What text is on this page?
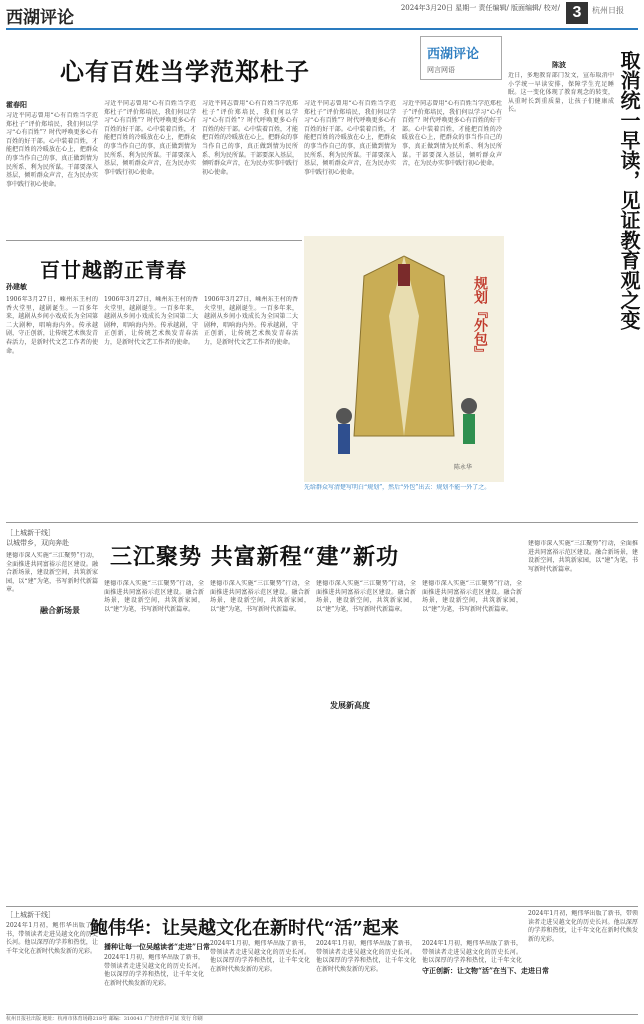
西湖评论	2024年3月20日 星期一 责任编辑/ 版面编辑/ 校对/ 3	杭州日报
心有百姓当学范郑杜子
霍春阳
习近平同志曾用“心有百姓当学范郑杜子”评价郑培民，我们何以学习“心有百姓”？时代呼唤更多心有百姓的好干部。心中装着百姓，才能把百姓的冷暖放在心上，把群众的事当作自己的事，真正做到情为民所系、利为民所谋。干部要深入基层，倾听群众声音，在为民办实事中践行初心使命。
习近平同志曾用“心有百姓当学范郑杜子”评价郑培民，我们何以学习“心有百姓”？时代呼唤更多心有百姓的好干部。心中装着百姓，才能把百姓的冷暖放在心上，把群众的事当作自己的事，真正做到情为民所系、利为民所谋。干部要深入基层，倾听群众声音，在为民办实事中践行初心使命。
习近平同志曾用“心有百姓当学范郑杜子”评价郑培民，我们何以学习“心有百姓”？时代呼唤更多心有百姓的好干部。心中装着百姓，才能把百姓的冷暖放在心上，把群众的事当作自己的事，真正做到情为民所系、利为民所谋。干部要深入基层，倾听群众声音，在为民办实事中践行初心使命。
习近平同志曾用“心有百姓当学范郑杜子”评价郑培民，我们何以学习“心有百姓”？时代呼唤更多心有百姓的好干部。心中装着百姓，才能把百姓的冷暖放在心上，把群众的事当作自己的事，真正做到情为民所系、利为民所谋。干部要深入基层，倾听群众声音，在为民办实事中践行初心使命。
习近平同志曾用“心有百姓当学范郑杜子”评价郑培民，我们何以学习“心有百姓”？时代呼唤更多心有百姓的好干部。心中装着百姓，才能把百姓的冷暖放在心上，把群众的事当作自己的事，真正做到情为民所系、利为民所谋。干部要深入基层，倾听群众声音，在为民办实事中践行初心使命。
西湖评论
网言网语	取消统一早读，见证教育观之变
陈波
近日，多地教育部门发文，宣布取消中小学统一早读安排，保障学生充足睡眠。这一变化体现了教育观念的转变，从重时长到重质量，让孩子们健康成长。
百廿越韵正青春
孙建敏
1906年3月27日，嵊州东王村的香火堂里，越剧诞生。一百多年来，越剧从乡间小戏成长为全国第二大剧种，唱响海内外。传承越剧，守正创新，让传统艺术焕发青春活力，是新时代文艺工作者的使命。
1906年3月27日，嵊州东王村的香火堂里，越剧诞生。一百多年来，越剧从乡间小戏成长为全国第二大剧种，唱响海内外。传承越剧，守正创新，让传统艺术焕发青春活力，是新时代文艺工作者的使命。
1906年3月27日，嵊州东王村的香火堂里，越剧诞生。一百多年来，越剧从乡间小戏成长为全国第二大剧种，唱响海内外。传承越剧，守正创新，让传统艺术焕发青春活力，是新时代文艺工作者的使命。	规划『外包』
陈永华
先给群众写清楚写明白“规划”，然后“外包”出去：规划不能一外了之。
［上城新干线］
以城带乡，双向奔赴
三江聚势 共富新程“建”新功
融合新场景
建德市深入实施“三江聚势”行动，全面推进共同富裕示范区建设。融合新场景，建设新空间，共筑新家园，以“建”为笔，书写新时代新篇章。
建德市深入实施“三江聚势”行动，全面推进共同富裕示范区建设。融合新场景，建设新空间，共筑新家园，以“建”为笔，书写新时代新篇章。
建德市深入实施“三江聚势”行动，全面推进共同富裕示范区建设。融合新场景，建设新空间，共筑新家园，以“建”为笔，书写新时代新篇章。
发展新高度
建德市深入实施“三江聚势”行动，全面推进共同富裕示范区建设。融合新场景，建设新空间，共筑新家园，以“建”为笔，书写新时代新篇章。
建德市深入实施“三江聚势”行动，全面推进共同富裕示范区建设。融合新场景，建设新空间，共筑新家园，以“建”为笔，书写新时代新篇章。
建德市深入实施“三江聚势”行动，全面推进共同富裕示范区建设。融合新场景，建设新空间，共筑新家园，以“建”为笔，书写新时代新篇章。
［上城新干线］
鲍伟华：让吴越文化在新时代“活”起来
2024年1月初，鲍伟华出版了新书，带领读者走进吴越文化的历史长河。他以深厚的学养和热忱，让千年文化在新时代焕发新的光彩。
播种让每一位吴越读者“走进”日常
2024年1月初，鲍伟华出版了新书，带领读者走进吴越文化的历史长河。他以深厚的学养和热忱，让千年文化在新时代焕发新的光彩。
2024年1月初，鲍伟华出版了新书，带领读者走进吴越文化的历史长河。他以深厚的学养和热忱，让千年文化在新时代焕发新的光彩。
2024年1月初，鲍伟华出版了新书，带领读者走进吴越文化的历史长河。他以深厚的学养和热忱，让千年文化在新时代焕发新的光彩。	守正创新：让文物“活”在当下、走进日常
2024年1月初，鲍伟华出版了新书，带领读者走进吴越文化的历史长河。他以深厚的学养和热忱，让千年文化
2024年1月初，鲍伟华出版了新书，带领读者走进吴越文化的历史长河。他以深厚的学养和热忱，让千年文化在新时代焕发新的光彩。
杭州日报社出版 地址：杭州市体育场路218号 邮编：310041 广告经营许可证 发行 印刷
